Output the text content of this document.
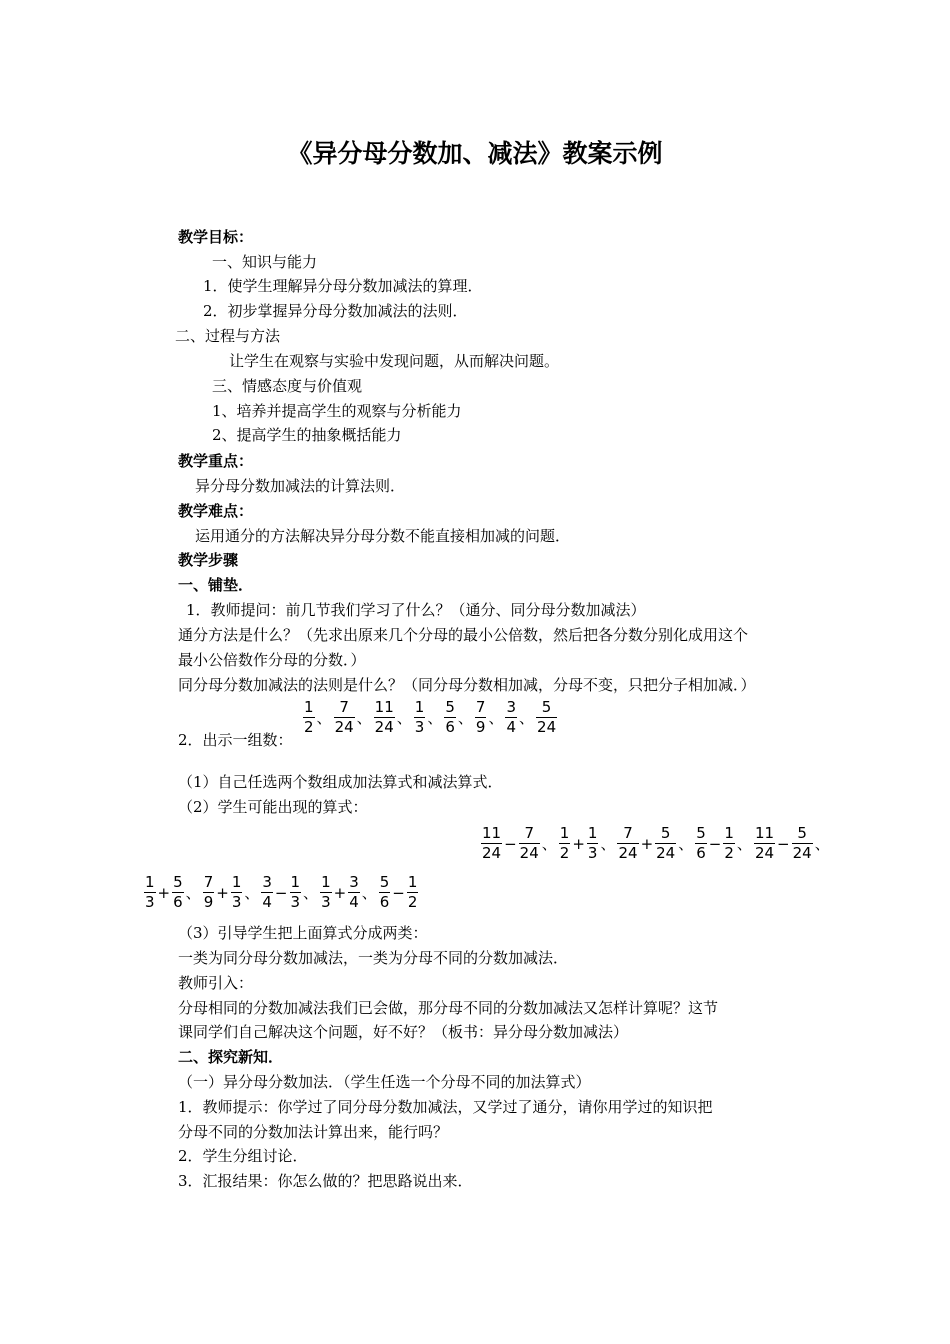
《异分母分数加、减法》教案示例
教学目标：
一、知识与能力
1．使学生理解异分母分数加减法的算理．
2．初步掌握异分母分数加减法的法则．
二、过程与方法
让学生在观察与实验中发现问题，从而解决问题。
三、情感态度与价值观
1、培养并提高学生的观察与分析能力
2、提高学生的抽象概括能力
教学重点：
异分母分数加减法的计算法则．
教学难点：
运用通分的方法解决异分母分数不能直接相加减的问题．
教学步骤
一、铺垫．
1．教师提问：前几节我们学习了什么？（通分、同分母分数加减法）
通分方法是什么？（先求出原来几个分母的最小公倍数，然后把各分数分别化成用这个
最小公倍数作分母的分数．）
同分母分数加减法的法则是什么？（同分母分数相加减，分母不变，只把分子相加减．）
2．出示一组数：
$\frac{1}{2}$ 、 $\frac{7}{24}$ 、 $\frac{11}{24}$ 、 $\frac{1}{3}$ 、 $\frac{5}{6}$ 、 $\frac{7}{9}$ 、 $\frac{3}{4}$ 、 $\frac{5}{24}$
（1）自己任选两个数组成加法算式和减法算式．
（2）学生可能出现的算式：
$\frac{11}{24} - \frac{7}{24}$ 、 $\frac{1}{2} + \frac{1}{3}$ 、 $\frac{7}{24} + \frac{5}{24}$ 、 $\frac{5}{6} - \frac{1}{2}$ 、 $\frac{11}{24} - \frac{5}{24}$ 、
$\frac{1}{3} + \frac{5}{6}$ 、 $\frac{7}{9} + \frac{1}{3}$ 、 $\frac{3}{4} - \frac{1}{3}$ 、 $\frac{1}{3} + \frac{3}{4}$ 、 $\frac{5}{6} - \frac{1}{2}$
（3）引导学生把上面算式分成两类：
一类为同分母分数加减法，一类为分母不同的分数加减法．
教师引入：
分母相同的分数加减法我们已会做，那分母不同的分数加减法又怎样计算呢？这节
课同学们自己解决这个问题，好不好？（板书：异分母分数加减法）
二、探究新知．
（一）异分母分数加法．（学生任选一个分母不同的加法算式）
1．教师提示：你学过了同分母分数加减法，又学过了通分，请你用学过的知识把
分母不同的分数加法计算出来，能行吗？
2．学生分组讨论．
3．汇报结果：你怎么做的？把思路说出来．
